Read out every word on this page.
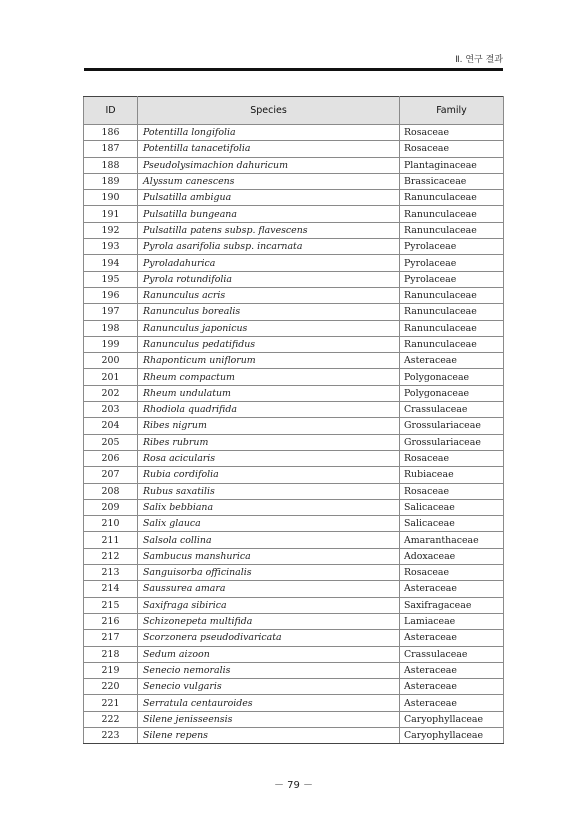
Ⅱ. 연구 결과
ID	Species	Family
186	Potentilla longifolia	Rosaceae
187	Potentilla tanacetifolia	Rosaceae
188	Pseudolysimachion dahuricum	Plantaginaceae
189	Alyssum canescens	Brassicaceae
190	Pulsatilla ambigua	Ranunculaceae
191	Pulsatilla bungeana	Ranunculaceae
192	Pulsatilla patens subsp. flavescens	Ranunculaceae
193	Pyrola asarifolia subsp. incarnata	Pyrolaceae
194	Pyroladahurica	Pyrolaceae
195	Pyrola rotundifolia	Pyrolaceae
196	Ranunculus acris	Ranunculaceae
197	Ranunculus borealis	Ranunculaceae
198	Ranunculus japonicus	Ranunculaceae
199	Ranunculus pedatifidus	Ranunculaceae
200	Rhaponticum uniflorum	Asteraceae
201	Rheum compactum	Polygonaceae
202	Rheum undulatum	Polygonaceae
203	Rhodiola quadrifida	Crassulaceae
204	Ribes nigrum	Grossulariaceae
205	Ribes rubrum	Grossulariaceae
206	Rosa acicularis	Rosaceae
207	Rubia cordifolia	Rubiaceae
208	Rubus saxatilis	Rosaceae
209	Salix bebbiana	Salicaceae
210	Salix glauca	Salicaceae
211	Salsola collina	Amaranthaceae
212	Sambucus manshurica	Adoxaceae
213	Sanguisorba officinalis	Rosaceae
214	Saussurea amara	Asteraceae
215	Saxifraga sibirica	Saxifragaceae
216	Schizonepeta multifida	Lamiaceae
217	Scorzonera pseudodivaricata	Asteraceae
218	Sedum aizoon	Crassulaceae
219	Senecio nemoralis	Asteraceae
220	Senecio vulgaris	Asteraceae
221	Serratula centauroides	Asteraceae
222	Silene jenisseensis	Caryophyllaceae
223	Silene repens	Caryophyllaceae
－ 79 －
